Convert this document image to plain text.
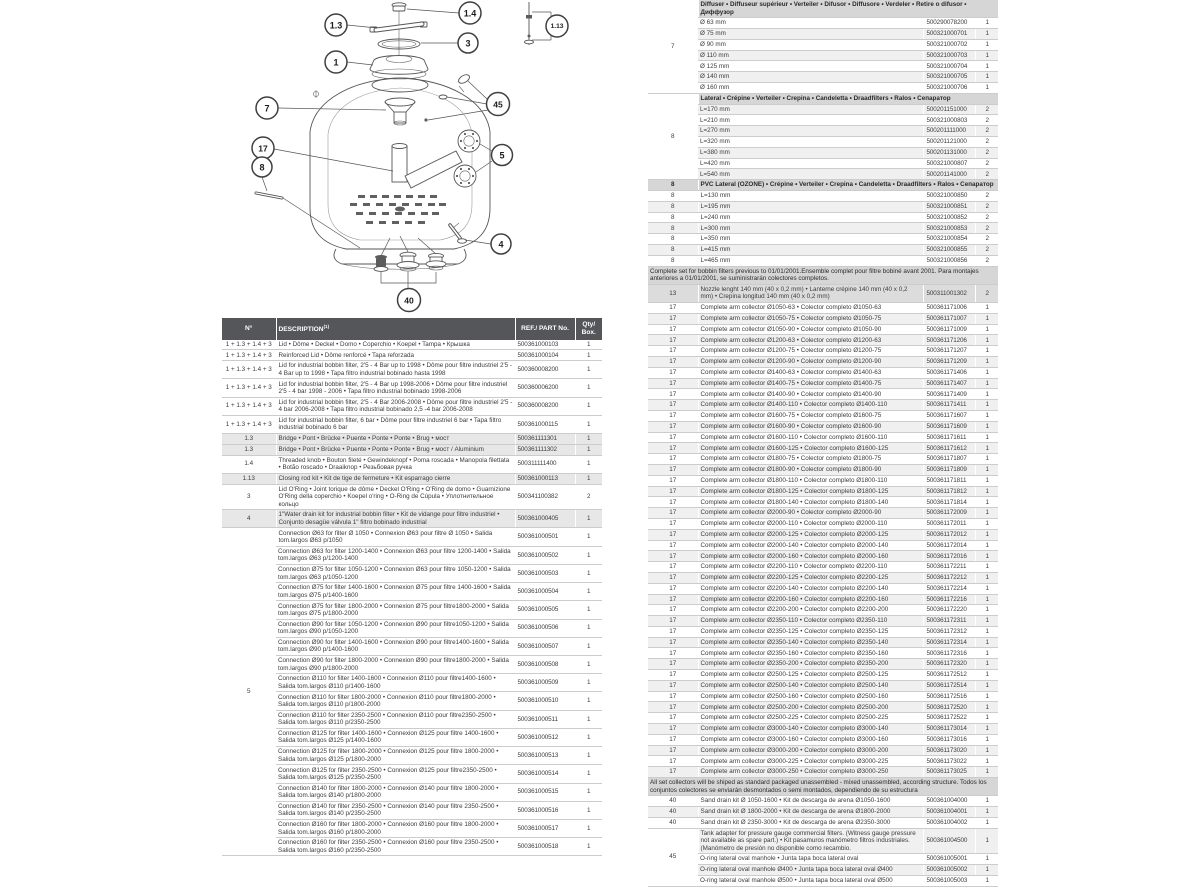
1.4
1.3
3
1
1.13
7	45
17
5
8
4
40
N°	DESCRIPTION$^{(1)}$	REF./ PART No.	Qty/ Box.
1 + 1.3 + 1.4 + 3	Lid • Dôme • Deckel • Domo • Coperchio • Koepel • Tampa • Крышка	500361000103	1
1 + 1.3 + 1.4 + 3	Reinforced Lid • Dôme renforcé • Tapa reforzada	500361000104	1
1 + 1.3 + 1.4 + 3	Lid for industrial bobbin filter, 2'5 - 4 Bar up to 1998 • Dôme pour filtre industriel 2'5 - 4 Bar up to 1998 • Tapa filtro industrial bobinado hasta 1998	500360008200	1
1 + 1.3 + 1.4 + 3	Lid for industrial bobbin filter, 2'5 - 4 Bar up 1998-2006 • Dôme pour filtre industriel 2'5 - 4 bar 1998 - 2006 • Tapa filtro industrial bobinado 1998-2006	500360006200	1
1 + 1.3 + 1.4 + 3	Lid for industrial bobbin filter, 2'5 - 4 Bar 2006-2008 • Dôme pour filtre industriel 2'5 - 4 bar 2006-2008 • Tapa filtro industrial bobinado 2,5 -4 bar 2006-2008	500360008200	1
1 + 1.3 + 1.4 + 3	Lid for industrial bobbin filter, 6 bar • Dôme pour filtre industriel 6 bar • Tapa filtro industrial bobinado 6 bar	500361000115	1
1.3	Bridge • Pont • Brücke • Puente • Ponte • Ponte • Brug • мост	500361111301	1
1.3	Bridge • Pont • Brücke • Puente • Ponte • Ponte • Brug • мост / Aluminium	500361111302	1
1.4	Threaded knob • Bouton fileté • Gewindeknopf • Poma roscada • Manopola filettata • Botão roscado • Draaiknop • Резьбовая ручка	500311111400	1
1.13	Closing rod kit • Kit de tige de fermeture • Kit esparrago cierre	500361000113	1
3	Lid O'Ring • Joint torique de dôme • Deckel O'Ring • O'Ring de domo • Guarnizione O'Ring della coperchio • Koepel o'ring • O-Ring de Cúpula • Уплотнительное кольцо	500341100382	2
4	1"Water drain kit for industrial bobbin filter • Kit de vidange pour filtre industriel • Conjunto desagüe válvula 1" filtro bobinado industrial	500361000405	1
5	Connection Ø63 for filter Ø 1050 • Connexion Ø63 pour filtre Ø 1050 • Salida tom.largos Ø63 p/1050	500361000501	1
	Connection Ø63 for filter 1200-1400 • Connexion Ø63 pour filtre 1200-1400 • Salida tom.largos Ø63 p/1200-1400	500361000502	1
	Connection Ø75 for filter 1050-1200 • Connexion Ø63 pour filtre 1050-1200 • Salida tom.largos Ø63 p/1050-1200	500361000503	1
	Connection Ø75 for filter 1400-1600 • Connexion Ø75 pour filtre 1400-1600 • Salida tom.largos Ø75 p/1400-1600	500361000504	1
	Connection Ø75 for filter 1800-2000 • Connexion Ø75 pour filtre1800-2000 • Salida tom.largos Ø75 p/1800-2000	500361000505	1
	Connection Ø90 for filter 1050-1200 • Connexion Ø90 pour filtre1050-1200 • Salida tom.largos Ø90 p/1050-1200	500361000506	1
	Connection Ø90 for filter 1400-1600 • Connexion Ø90 pour filtre1400-1600 • Salida tom.largos Ø90 p/1400-1600	500361000507	1
	Connection Ø90 for filter 1800-2000 • Connexion Ø90 pour filtre1800-2000 • Salida tom.largos Ø90 p/1800-2000	500361000508	1
	Connection Ø110 for filter 1400-1600 • Connexion Ø110 pour filtre1400-1600 • Salida tom.largos Ø110 p/1400-1600	500361000509	1
	Connection Ø110 for filter 1800-2000 • Connexion Ø110 pour filtre1800-2000 • Salida tom.largos Ø110 p/1800-2000	500361000510	1
	Connection Ø110 for filter 2350-2500 • Connexion Ø110 pour filtre2350-2500 • Salida tom.largos Ø110 p/2350-2500	500361000511	1
	Connection Ø125 for filter 1400-1600 • Connexion Ø125 pour filtre 1400-1600 • Salida tom.largos Ø125 p/1400-1600	500361000512	1
	Connection Ø125 for filter 1800-2000 • Connexion Ø125 pour filtre 1800-2000 • Salida tom.largos Ø125 p/1800-2000	500361000513	1
	Connection Ø125 for filter 2350-2500 • Connexion Ø125 pour filtre2350-2500 • Salida tom.largos Ø125 p/2350-2500	500361000514	1
	Connection Ø140 for filter 1800-2000 • Connexion Ø140 pour filtre 1800-2000 • Salida tom.largos Ø140 p/1800-2000	500361000515	1
	Connection Ø140 for filter 2350-2500 • Connexion Ø140 pour filtre 2350-2500 • Salida tom.largos Ø140 p/2350-2500	500361000516	1
	Connection Ø160 for filter 1800-2000 • Connexion Ø160 pour filtre 1800-2000 • Salida tom.largos Ø160 p/1800-2000	500361000517	1
	Connection Ø160 for filter 2350-2500 • Connexion Ø160 pour filtre 2350-2500 • Salida tom.largos Ø160 p/2350-2500	500361000518	1
7	Diffuser • Diffuseur supérieur • Verteiler • Difusor • Diffusore • Verdeler • Retire o difusor • Диффузор		
	Ø 63 mm	500290078200	1
	Ø 75 mm	500321000701	1
	Ø 90 mm	500321000702	1
	Ø 110 mm	500321000703	1
	Ø 125 mm	500321000704	1
	Ø 140 mm	500321000705	1
	Ø 160 mm	500321000706	1
8	Lateral • Crépine • Verteiler • Crepina • Candeletta • Draadfilters • Ralos • Сепаратор		
	L=170 mm	500201151000	2
	L=210 mm	500321000803	2
	L=270 mm	500201111000	2
	L=320 mm	500201121000	2
	L=380 mm	500201131000	2
	L=420 mm	500321000807	2
	L=540 mm	500201141000	2
8	PVC Lateral (OZONE) • Crépine • Verteiler • Crepina • Candeletta • Draadfilters • Ralos • Сепаратор		
8	L=130 mm	500321000850	2
8	L=195 mm	500321000851	2
8	L=240 mm	500321000852	2
8	L=300 mm	500321000853	2
8	L=350 mm	500321000854	2
8	L=415 mm	500321000855	2
8	L=465 mm	500321000856	2
Complete set for bobbin filters previous to 01/01/2001.Ensemble complet pour filtre bobiné avant 2001. Para montajes anteriores a 01/01/2001, se suministrarán colectores completos.			
13	Nozzle lenght 140 mm (40 x 0,2 mm) • Lanterne crépine 140 mm (40 x 0,2 mm) • Crepina longitud 140 mm (40 x 0,2 mm)	500311001302	2
17	Complete arm collector Ø1050-63 • Colector completo Ø1050-63	500361171006	1
17	Complete arm collector Ø1050-75 • Colector completo Ø1050-75	500361171007	1
17	Complete arm collector Ø1050-90 • Colector completo Ø1050-90	500361171009	1
17	Complete arm collector Ø1200-63 • Colector completo Ø1200-63	500361171206	1
17	Complete arm collector Ø1200-75 • Colector completo Ø1200-75	500361171207	1
17	Complete arm collector Ø1200-90 • Colector completo Ø1200-90	500361171209	1
17	Complete arm collector Ø1400-63 • Colector completo Ø1400-63	500361171406	1
17	Complete arm collector Ø1400-75 • Colector completo Ø1400-75	500361171407	1
17	Complete arm collector Ø1400-90 • Colector completo Ø1400-90	500361171409	1
17	Complete arm collector Ø1400-110 • Colector completo Ø1400-110	500361171411	1
17	Complete arm collector Ø1600-75 • Colector completo Ø1600-75	500361171607	1
17	Complete arm collector Ø1600-90 • Colector completo Ø1600-90	500361171609	1
17	Complete arm collector Ø1600-110 • Colector completo Ø1600-110	500361171611	1
17	Complete arm collector Ø1600-125 • Colector completo Ø1600-125	500361171612	1
17	Complete arm collector Ø1800-75 • Colector completo Ø1800-75	500361171807	1
17	Complete arm collector Ø1800-90 • Colector completo Ø1800-90	500361171809	1
17	Complete arm collector Ø1800-110 • Colector completo Ø1800-110	500361171811	1
17	Complete arm collector Ø1800-125 • Colector completo Ø1800-125	500361171812	1
17	Complete arm collector Ø1800-140 • Colector completo Ø1800-140	500361171814	1
17	Complete arm collector Ø2000-90 • Colector completo Ø2000-90	500361172009	1
17	Complete arm collector Ø2000-110 • Colector completo Ø2000-110	500361172011	1
17	Complete arm collector Ø2000-125 • Colector completo Ø2000-125	500361172012	1
17	Complete arm collector Ø2000-140 • Colector completo Ø2000-140	500361172014	1
17	Complete arm collector Ø2000-160 • Colector completo Ø2000-160	500361172016	1
17	Complete arm collector Ø2200-110 • Colector completo Ø2200-110	500361172211	1
17	Complete arm collector Ø2200-125 • Colector completo Ø2200-125	500361172212	1
17	Complete arm collector Ø2200-140 • Colector completo Ø2200-140	500361172214	1
17	Complete arm collector Ø2200-160 • Colector completo Ø2200-160	500361172216	1
17	Complete arm collector Ø2200-200 • Colector completo Ø2200-200	500361172220	1
17	Complete arm collector Ø2350-110 • Colector completo Ø2350-110	500361172311	1
17	Complete arm collector Ø2350-125 • Colector completo Ø2350-125	500361172312	1
17	Complete arm collector Ø2350-140 • Colector completo Ø2350-140	500361172314	1
17	Complete arm collector Ø2350-160 • Colector completo Ø2350-160	500361172316	1
17	Complete arm collector Ø2350-200 • Colector completo Ø2350-200	500361172320	1
17	Complete arm collector Ø2500-125 • Colector completo Ø2500-125	500361172512	1
17	Complete arm collector Ø2500-140 • Colector completo Ø2500-140	500361172514	1
17	Complete arm collector Ø2500-160 • Colector completo Ø2500-160	500361172516	1
17	Complete arm collector Ø2500-200 • Colector completo Ø2500-200	500361172520	1
17	Complete arm collector Ø2500-225 • Colector completo Ø2500-225	500361172522	1
17	Complete arm collector Ø3000-140 • Colector completo Ø3000-140	500361173014	1
17	Complete arm collector Ø3000-160 • Colector completo Ø3000-160	500361173016	1
17	Complete arm collector Ø3000-200 • Colector completo Ø3000-200	500361173020	1
17	Complete arm collector Ø3000-225 • Colector completo Ø3000-225	500361173022	1
17	Complete arm collector Ø3000-250 • Colector completo Ø3000-250	500361173025	1
All set collectors will be shiped as standard packaged unassembled - mixed unassembled, according structure. Todos los conjuntos colectores se enviarán desmontados o semi montados, dependiendo de su estructura			
40	Sand drain kit Ø 1050-1600 • Kit de descarga de arena Ø1050-1600	500361004000	1
40	Sand drain kit Ø 1800-2000 • Kit de descarga de arena Ø1800-2000	500361004001	1
40	Sand drain kit Ø 2350-3000 • Kit de descarga de arena Ø2350-3000	500361004002	1
45	Tank adapter for pressure gauge commercial filters. (Witness gauge pressure not available as spare part.) • Kit pasamuros manómetro filtros industriales. (Manómetro de presión no disponible como recambio.	500361004500	1
	O-ring lateral oval manhole • Junta tapa boca lateral oval	500361005001	1
	O-ring lateral oval manhole Ø400 • Junta tapa boca lateral oval Ø400	500361005002	1
	O-ring lateral oval manhole Ø500 • Junta tapa boca lateral oval Ø500	500361005003	1
